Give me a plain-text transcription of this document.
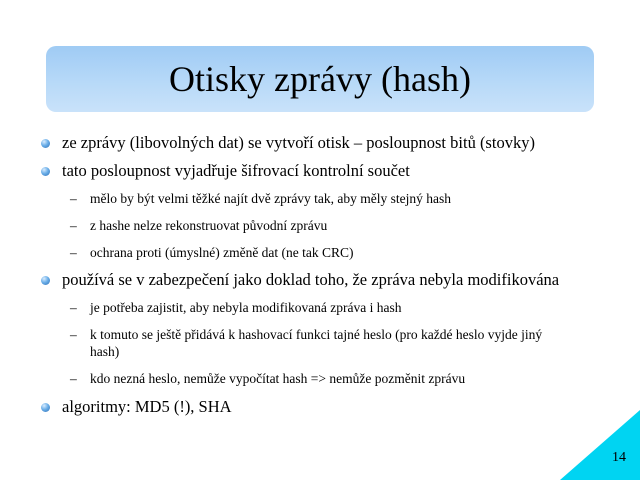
Otisky zprávy (hash)
ze zprávy (libovolných dat) se vytvoří otisk – posloupnost bitů (stovky)
tato posloupnost vyjadřuje šifrovací kontrolní součet
– mělo by být velmi těžké najít dvě zprávy tak, aby měly stejný hash
– z hashe nelze rekonstruovat původní zprávu
– ochrana proti (úmyslné) změně dat (ne tak CRC)
používá se v zabezpečení jako doklad toho, že zpráva nebyla modifikována
– je potřeba zajistit, aby nebyla modifikovaná zpráva i hash
– k tomuto se ještě přidává k hashovací funkci tajné heslo (pro každé heslo vyjde jiný hash)
– kdo nezná heslo, nemůže vypočítat hash => nemůže pozměnit zprávu
algoritmy: MD5 (!), SHA
14
